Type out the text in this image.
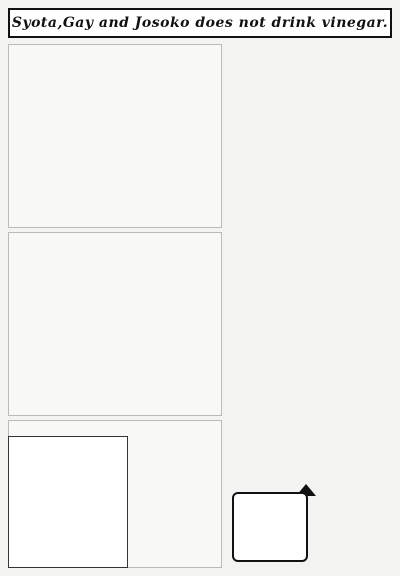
Syota,Gay and Josoko does not drink vinegar.
